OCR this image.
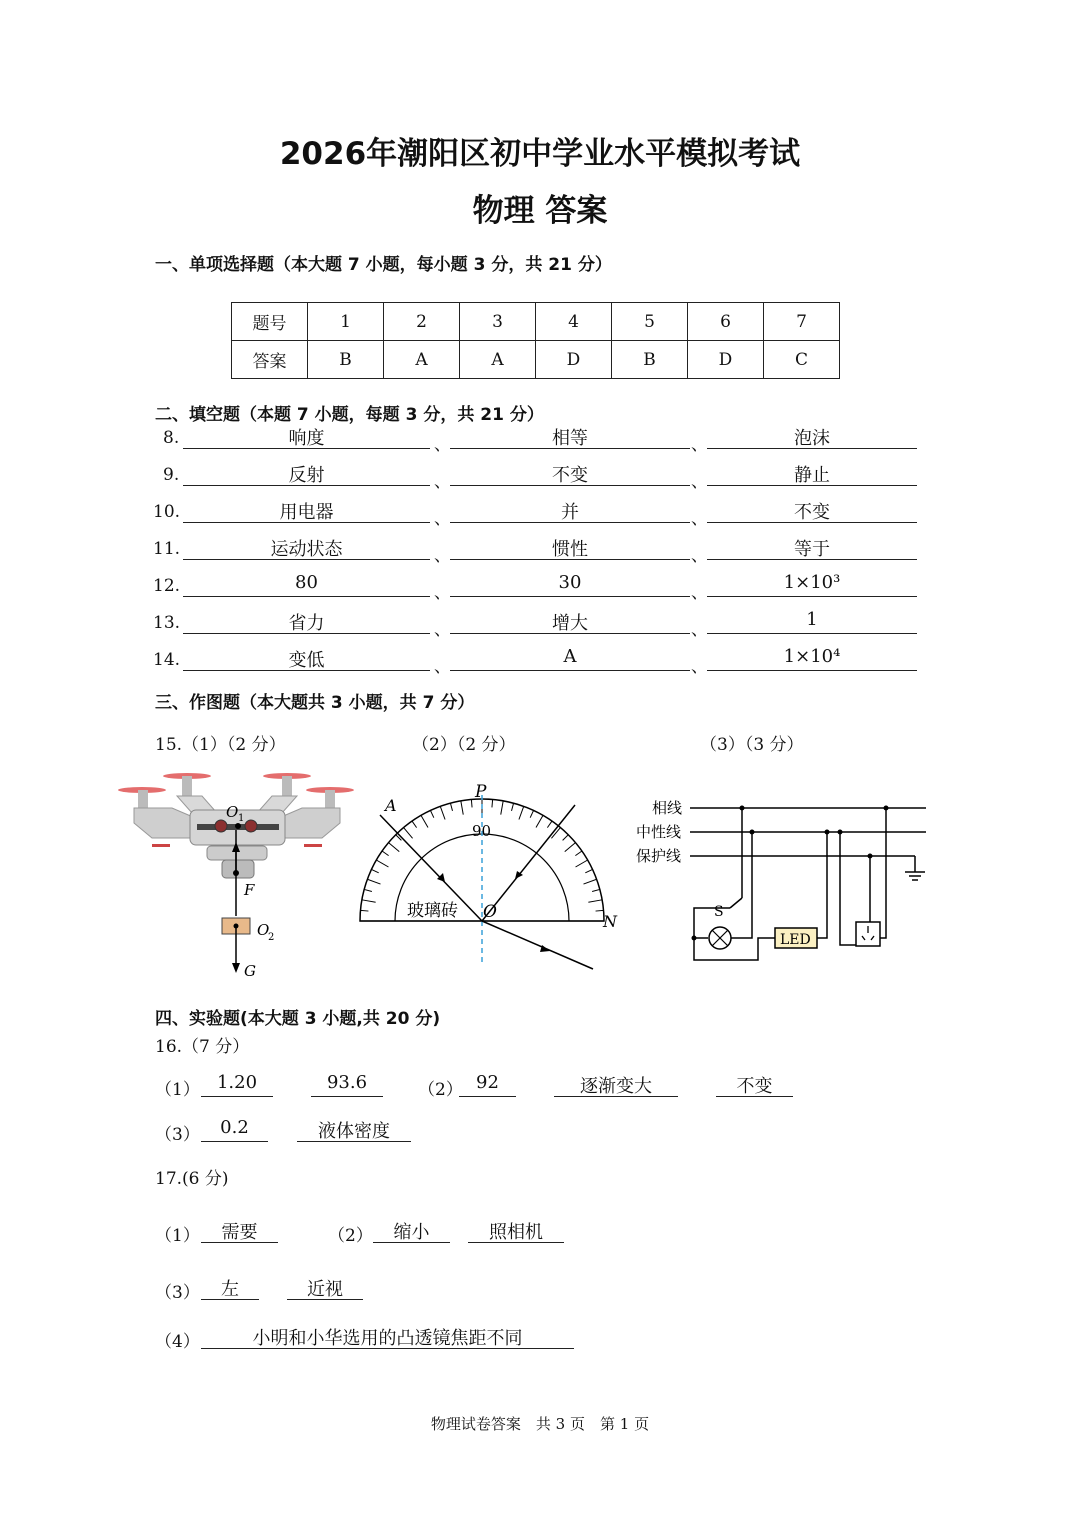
2026年潮阳区初中学业水平模拟考试
物理 答案
一、单项选择题（本大题 7 小题，每小题 3 分，共 21 分）
题号	1	2	3	4	5	6	7
答案	B	A	A	D	B	D	C
二、填空题（本题 7 小题，每题 3 分，共 21 分）
8.	响度	、	相等	、	泡沫
9.	反射	、	不变	、	静止
10.	用电器	、	并	、	不变
11.	运动状态	、	惯性	、	等于
12.	80	、	30	、	1×10³
13.	省力	、	增大	、	1
14.	变低	、	A	、	1×10⁴
三、作图题（本大题共 3 小题，共 7 分）
15.（1）（2 分）	（2）（2 分）	（3）（3 分）
O 1
F
O
2
G
A
P
N
O
90
玻璃砖
相线
中性线
保护线
S
LED
四、实验题(本大题 3 小题,共 20 分)
16.（7 分）
（1） 1.20	93.6	（2） 92	逐渐变大	不变
（3）	0.2	液体密度
17.(6 分)
（1）	需要	（2）	缩小	照相机
（3）	左	近视
（4）	小明和小华选用的凸透镜焦距不同
物理试卷答案　共 3 页　第 1 页
